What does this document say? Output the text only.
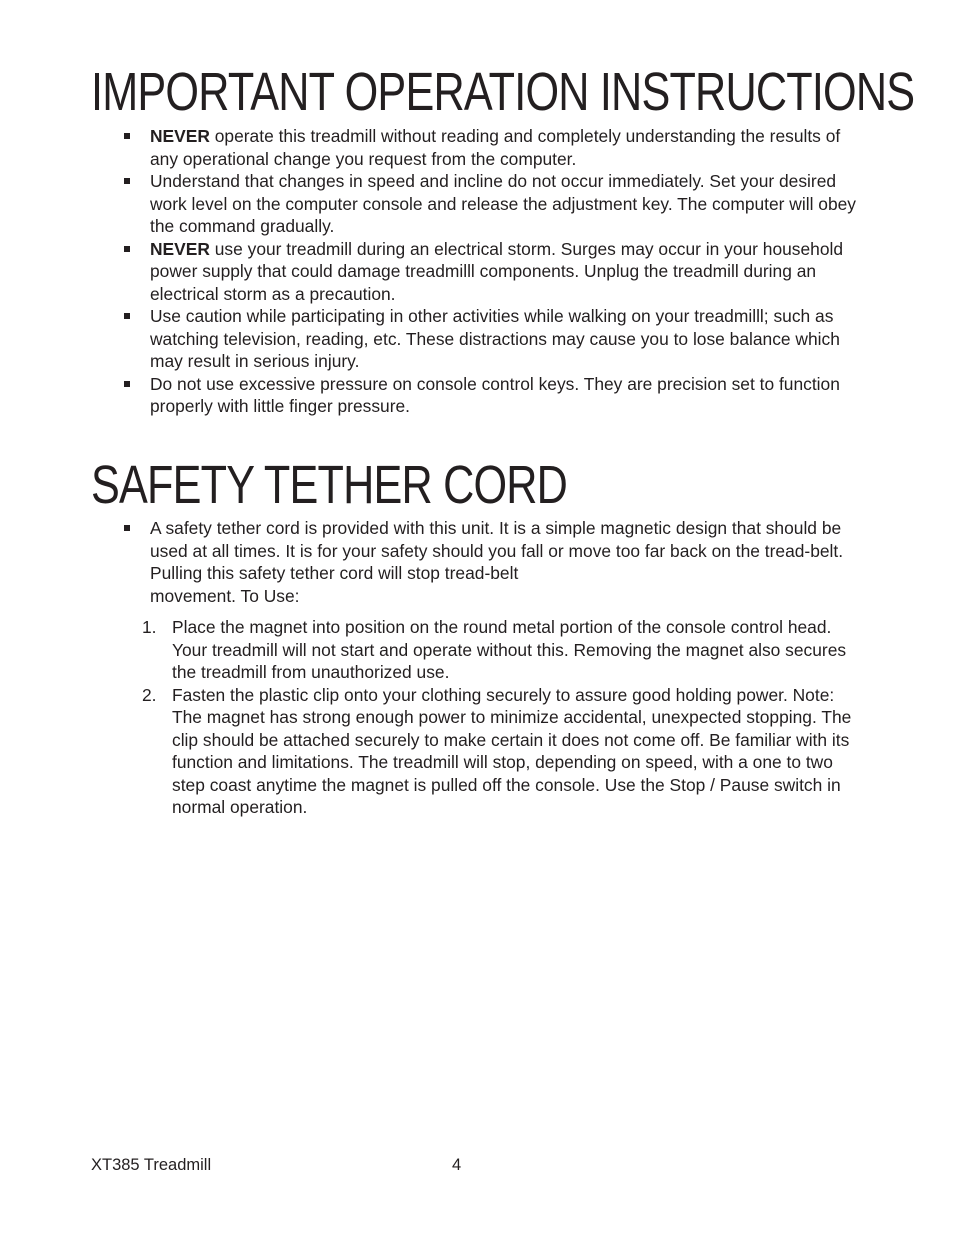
IMPORTANT OPERATION INSTRUCTIONS
NEVER operate this treadmill without reading and completely understanding the results of any operational change you request from the computer.
Understand that changes in speed and incline do not occur immediately. Set your desired work level on the computer console and release the adjustment key. The computer will obey the command gradually.
NEVER use your treadmill during an electrical storm. Surges may occur in your household power supply that could damage treadmilll components. Unplug the treadmill during an electrical storm as a precaution.
Use caution while participating in other activities while walking on your treadmilll; such as watching television, reading, etc. These distractions may cause you to lose balance which may result in serious injury.
Do not use excessive pressure on console control keys. They are precision set to function properly with little finger pressure.
SAFETY TETHER CORD
A safety tether cord is provided with this unit. It is a simple magnetic design that should be used at all times. It is for your safety should you fall or move too far back on the tread-belt. Pulling this safety tether cord will stop tread-belt
movement. To Use:
1. Place the magnet into position on the round metal portion of the console control head. Your treadmill will not start and operate without this. Removing the magnet also secures the treadmill from unauthorized use.
2. Fasten the plastic clip onto your clothing securely to assure good holding power. Note: The magnet has strong enough power to minimize accidental, unexpected stopping. The clip should be attached securely to make certain it does not come off. Be familiar with its function and limitations. The treadmill will stop, depending on speed, with a one to two step coast anytime the magnet is pulled off the console. Use the Stop / Pause switch in normal operation.
XT385 Treadmill	4
